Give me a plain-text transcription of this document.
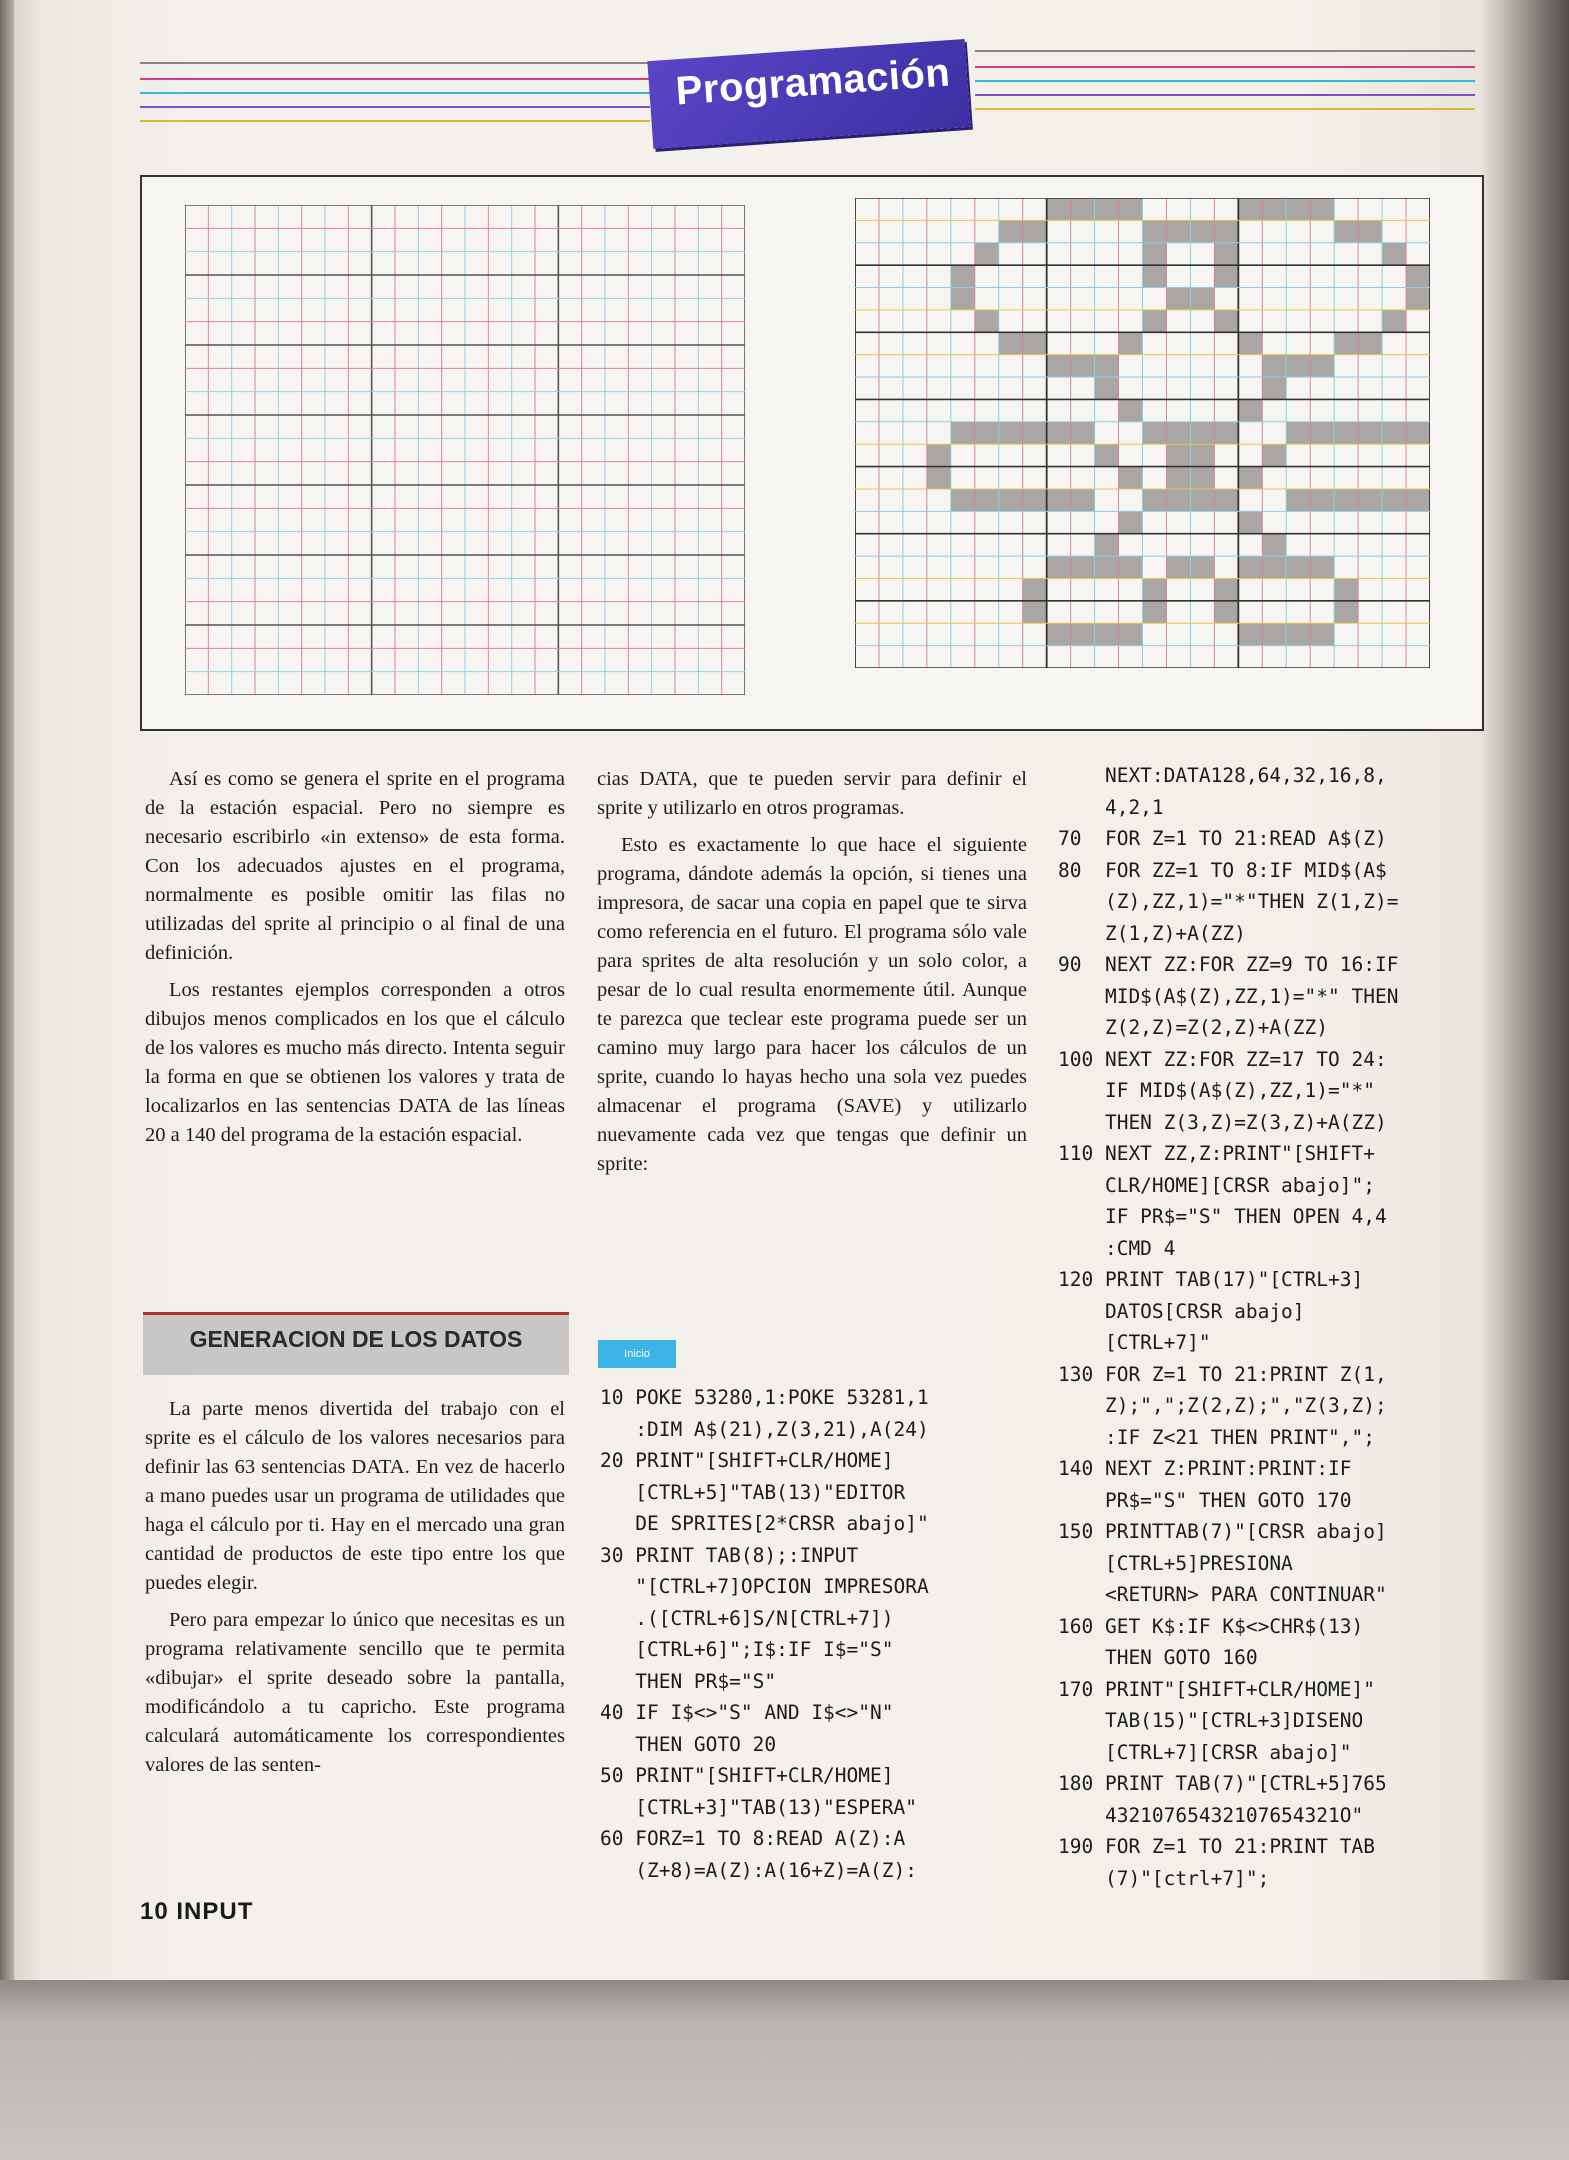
Programación

Así es como se genera el sprite en el programa de la estación espacial. Pero no siempre es necesario escribirlo «in extenso» de esta forma. Con los adecuados ajustes en el programa, normalmente es posible omitir las filas no utilizadas del sprite al principio o al final de una definición.

Los restantes ejemplos corresponden a otros dibujos menos complicados en los que el cálculo de los valores es mucho más directo. Intenta seguir la forma en que se obtienen los valores y trata de localizarlos en las sentencias DATA de las líneas 20 a 140 del programa de la estación espacial.

GENERACION DE LOS DATOS

La parte menos divertida del trabajo con el sprite es el cálculo de los valores necesarios para definir las 63 sentencias DATA. En vez de hacerlo a mano puedes usar un programa de utilidades que haga el cálculo por ti. Hay en el mercado una gran cantidad de productos de este tipo entre los que puedes elegir.

Pero para empezar lo único que necesitas es un programa relativamente sencillo que te permita «dibujar» el sprite deseado sobre la pantalla, modificándolo a tu capricho. Este programa calculará automáticamente los correspondientes valores de las senten-

cias DATA, que te pueden servir para definir el sprite y utilizarlo en otros programas.

Esto es exactamente lo que hace el siguiente programa, dándote además la opción, si tienes una impresora, de sacar una copia en papel que te sirva como referencia en el futuro. El programa sólo vale para sprites de alta resolución y un solo color, a pesar de lo cual resulta enormemente útil. Aunque te parezca que teclear este programa puede ser un camino muy largo para hacer los cálculos de un sprite, cuando lo hayas hecho una sola vez puedes almacenar el programa (SAVE) y utilizarlo nuevamente cada vez que tengas que definir un sprite:

Inicio
10 POKE 53280,1:POKE 53281,1
:DIM A$(21),Z(3,21),A(24)
20 PRINT"[SHIFT+CLR/HOME]
[CTRL+5]"TAB(13)"EDITOR
DE SPRITES[2*CRSR abajo]"
30 PRINT TAB(8);:INPUT
"[CTRL+7]OPCION IMPRESORA
.([CTRL+6]S/N[CTRL+7])
[CTRL+6]";I$:IF I$="S"
THEN PR$="S"
40 IF I$<>"S" AND I$<>"N"
THEN GOTO 20
50 PRINT"[SHIFT+CLR/HOME]
[CTRL+3]"TAB(13)"ESPERA"
60 FORZ=1 TO 8:READ A(Z):A
(Z+8)=A(Z):A(16+Z)=A(Z):
NEXT:DATA128,64,32,16,8,
4,2,1
70  FOR Z=1 TO 21:READ A$(Z)
80  FOR ZZ=1 TO 8:IF MID$(A$
(Z),ZZ,1)="*"THEN Z(1,Z)=
Z(1,Z)+A(ZZ)
90  NEXT ZZ:FOR ZZ=9 TO 16:IF
MID$(A$(Z),ZZ,1)="*" THEN
Z(2,Z)=Z(2,Z)+A(ZZ)
100 NEXT ZZ:FOR ZZ=17 TO 24:
IF MID$(A$(Z),ZZ,1)="*"
THEN Z(3,Z)=Z(3,Z)+A(ZZ)
110 NEXT ZZ,Z:PRINT"[SHIFT+
CLR/HOME][CRSR abajo]";
IF PR$="S" THEN OPEN 4,4
:CMD 4
120 PRINT TAB(17)"[CTRL+3]
DATOS[CRSR abajo]
[CTRL+7]"
130 FOR Z=1 TO 21:PRINT Z(1,
Z);",";Z(2,Z);","Z(3,Z);
:IF Z<21 THEN PRINT",";
140 NEXT Z:PRINT:PRINT:IF
PR$="S" THEN GOTO 170
150 PRINTTAB(7)"[CRSR abajo]
[CTRL+5]PRESIONA
<RETURN> PARA CONTINUAR"
160 GET K$:IF K$<>CHR$(13)
THEN GOTO 160
170 PRINT"[SHIFT+CLR/HOME]"
TAB(15)"[CTRL+3]DISENO
[CTRL+7][CRSR abajo]"
180 PRINT TAB(7)"[CTRL+5]765
43210765432107654321O"
190 FOR Z=1 TO 21:PRINT TAB
(7)"[ctrl+7]";
10 INPUT
